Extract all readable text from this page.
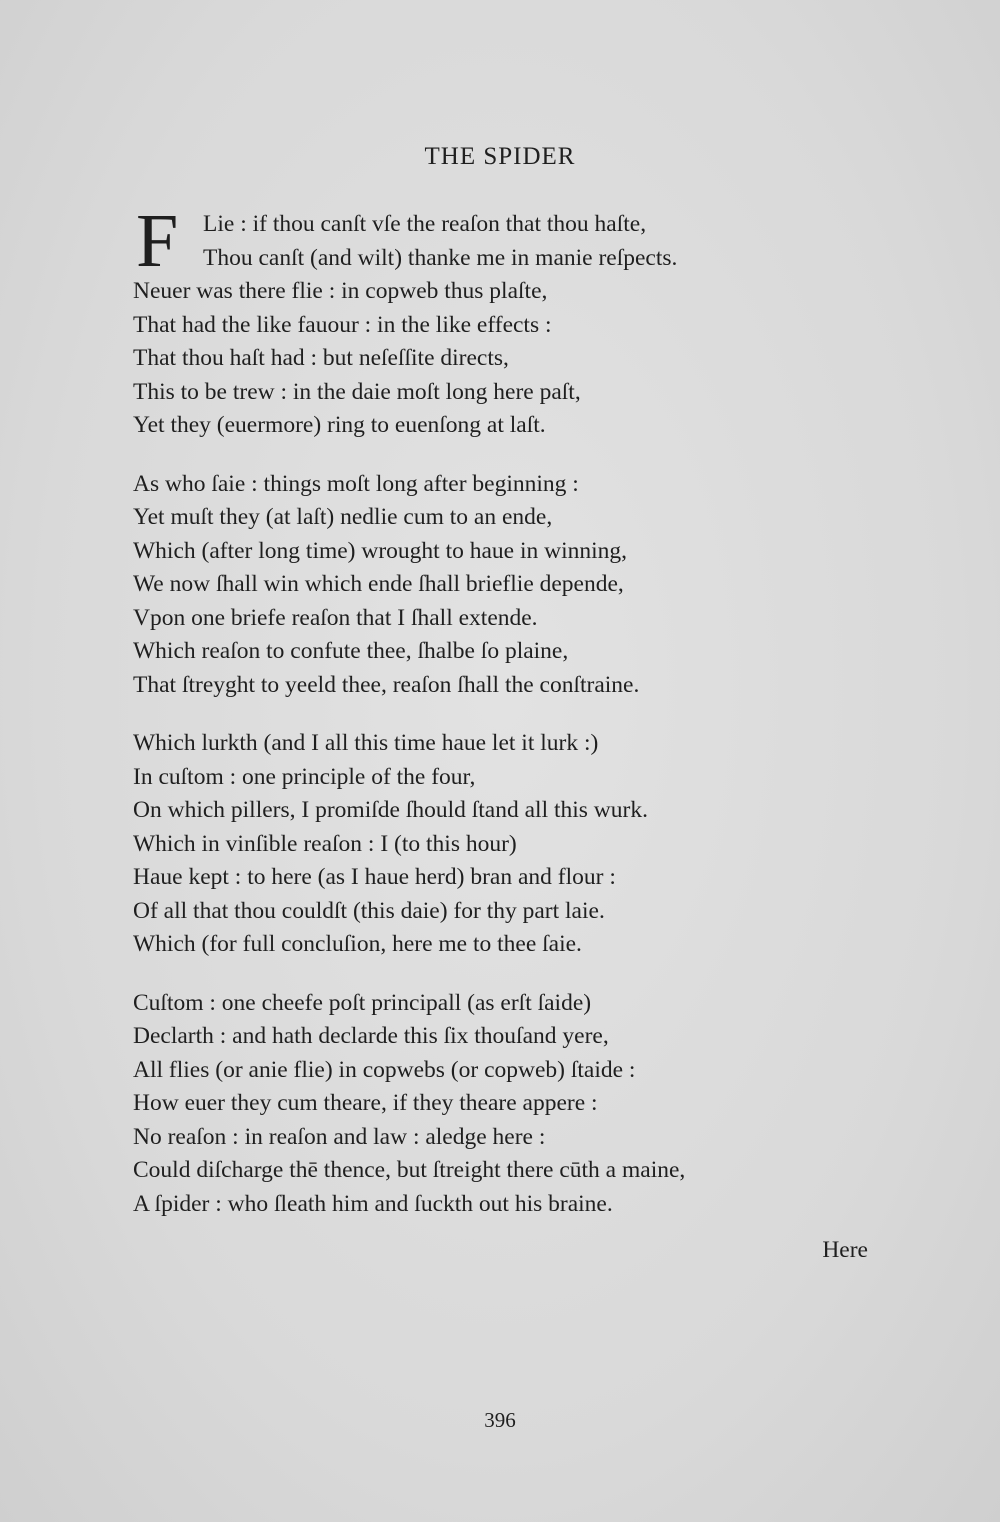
THE SPIDER
F	Lie : if thou canſt vſe the reaſon that thou haſte,
Thou canſt (and wilt) thanke me in manie reſpects.
Neuer was there flie : in copweb thus plaſte,
That had the like fauour : in the like effects :
That thou haſt had : but neſeſſite directs,
This to be trew : in the daie moſt long here paſt,
Yet they (euermore) ring to euenſong at laſt.
As who ſaie : things moſt long after beginning :
Yet muſt they (at laſt) nedlie cum to an ende,
Which (after long time) wrought to haue in winning,
We now ſhall win which ende ſhall brieflie depende,
Vpon one briefe reaſon that I ſhall extende.
Which reaſon to confute thee, ſhalbe ſo plaine,
That ſtreyght to yeeld thee, reaſon ſhall the conſtraine.
Which lurkth (and I all this time haue let it lurk :)
In cuſtom : one principle of the four,
On which pillers, I promiſde ſhould ſtand all this wurk.
Which in vinſible reaſon : I (to this hour)
Haue kept : to here (as I haue herd) bran and flour :
Of all that thou couldſt (this daie) for thy part laie.
Which (for full concluſion, here me to thee ſaie.
Cuſtom : one cheefe poſt principall (as erſt ſaide)
Declarth : and hath declarde this ſix thouſand yere,
All flies (or anie flie) in copwebs (or copweb) ſtaide :
How euer they cum theare, if they theare appere :
No reaſon : in reaſon and law : aledge here :
Could diſcharge thē thence, but ſtreight there cūth a maine,
A ſpider : who ſleath him and ſuckth out his braine.
Here
396
